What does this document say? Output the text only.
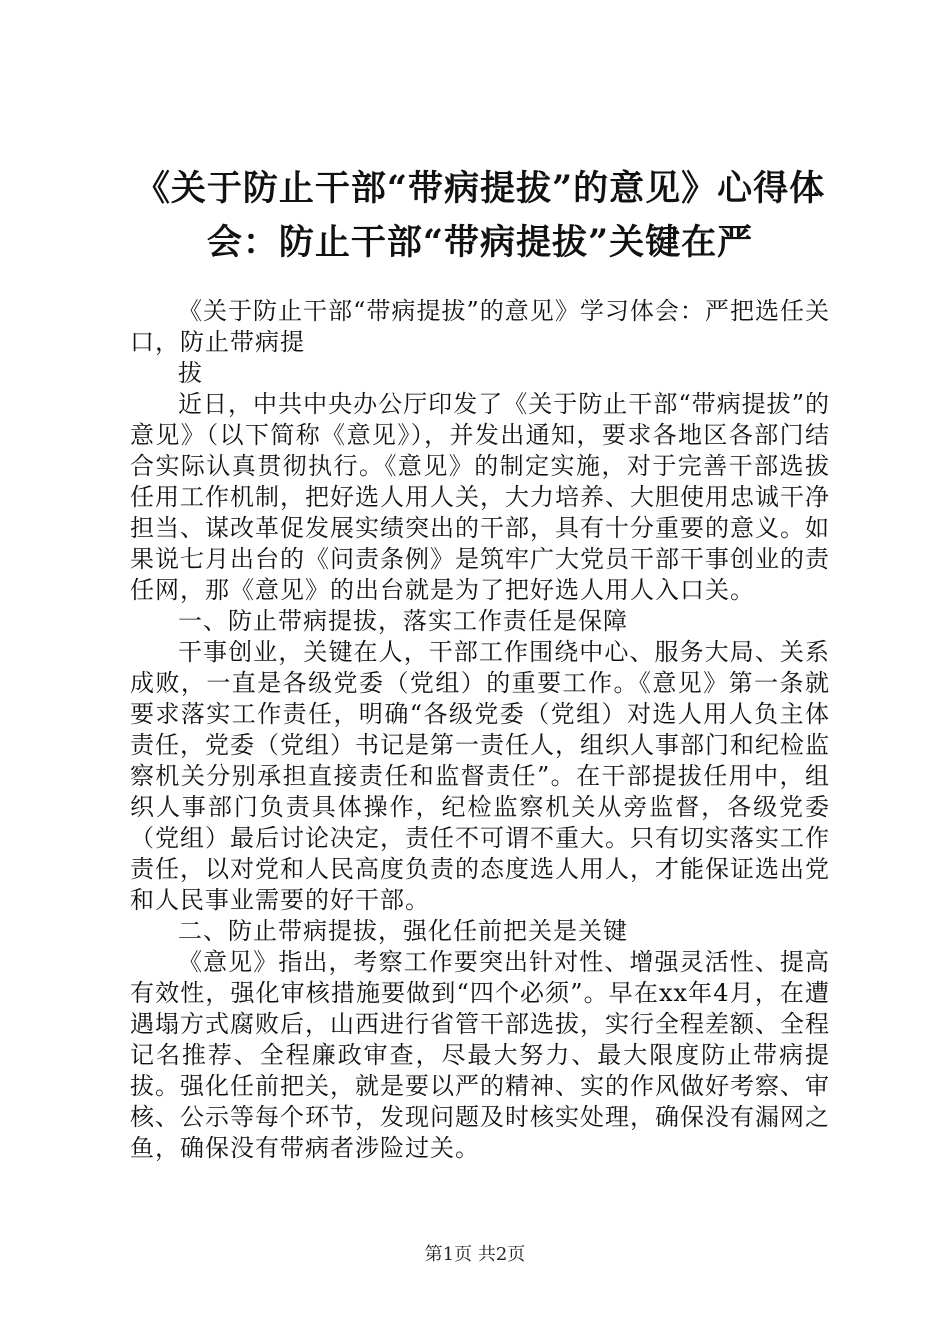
《关于防止干部“带病提拔”的意见》心得体会：防止干部“带病提拔”关键在严

《关于防止干部“带病提拔”的意见》学习体会：严把选任关口，防止带病提

拔

近日，中共中央办公厅印发了《关于防止干部“带病提拔”的意见》（以下简称《意见》），并发出通知，要求各地区各部门结合实际认真贯彻执行。《意见》的制定实施，对于完善干部选拔任用工作机制，把好选人用人关，大力培养、大胆使用忠诚干净担当、谋改革促发展实绩突出的干部，具有十分重要的意义。如果说七月出台的《问责条例》是筑牢广大党员干部干事创业的责任网，那《意见》的出台就是为了把好选人用人入口关。

一、防止带病提拔，落实工作责任是保障

干事创业，关键在人，干部工作围绕中心、服务大局、关系成败，一直是各级党委（党组）的重要工作。《意见》第一条就要求落实工作责任，明确“各级党委（党组）对选人用人负主体责任，党委（党组）书记是第一责任人，组织人事部门和纪检监察机关分别承担直接责任和监督责任”。在干部提拔任用中，组织人事部门负责具体操作，纪检监察机关从旁监督，各级党委（党组）最后讨论决定，责任不可谓不重大。只有切实落实工作责任，以对党和人民高度负责的态度选人用人，才能保证选出党和人民事业需要的好干部。

二、防止带病提拔，强化任前把关是关键

《意见》指出，考察工作要突出针对性、增强灵活性、提高有效性，强化审核措施要做到“四个必须”。早在xx年4月，在遭遇塌方式腐败后，山西进行省管干部选拔，实行全程差额、全程记名推荐、全程廉政审查，尽最大努力、最大限度防止带病提拔。强化任前把关，就是要以严的精神、实的作风做好考察、审核、公示等每个环节，发现问题及时核实处理，确保没有漏网之鱼，确保没有带病者涉险过关。

第1页 共2页
